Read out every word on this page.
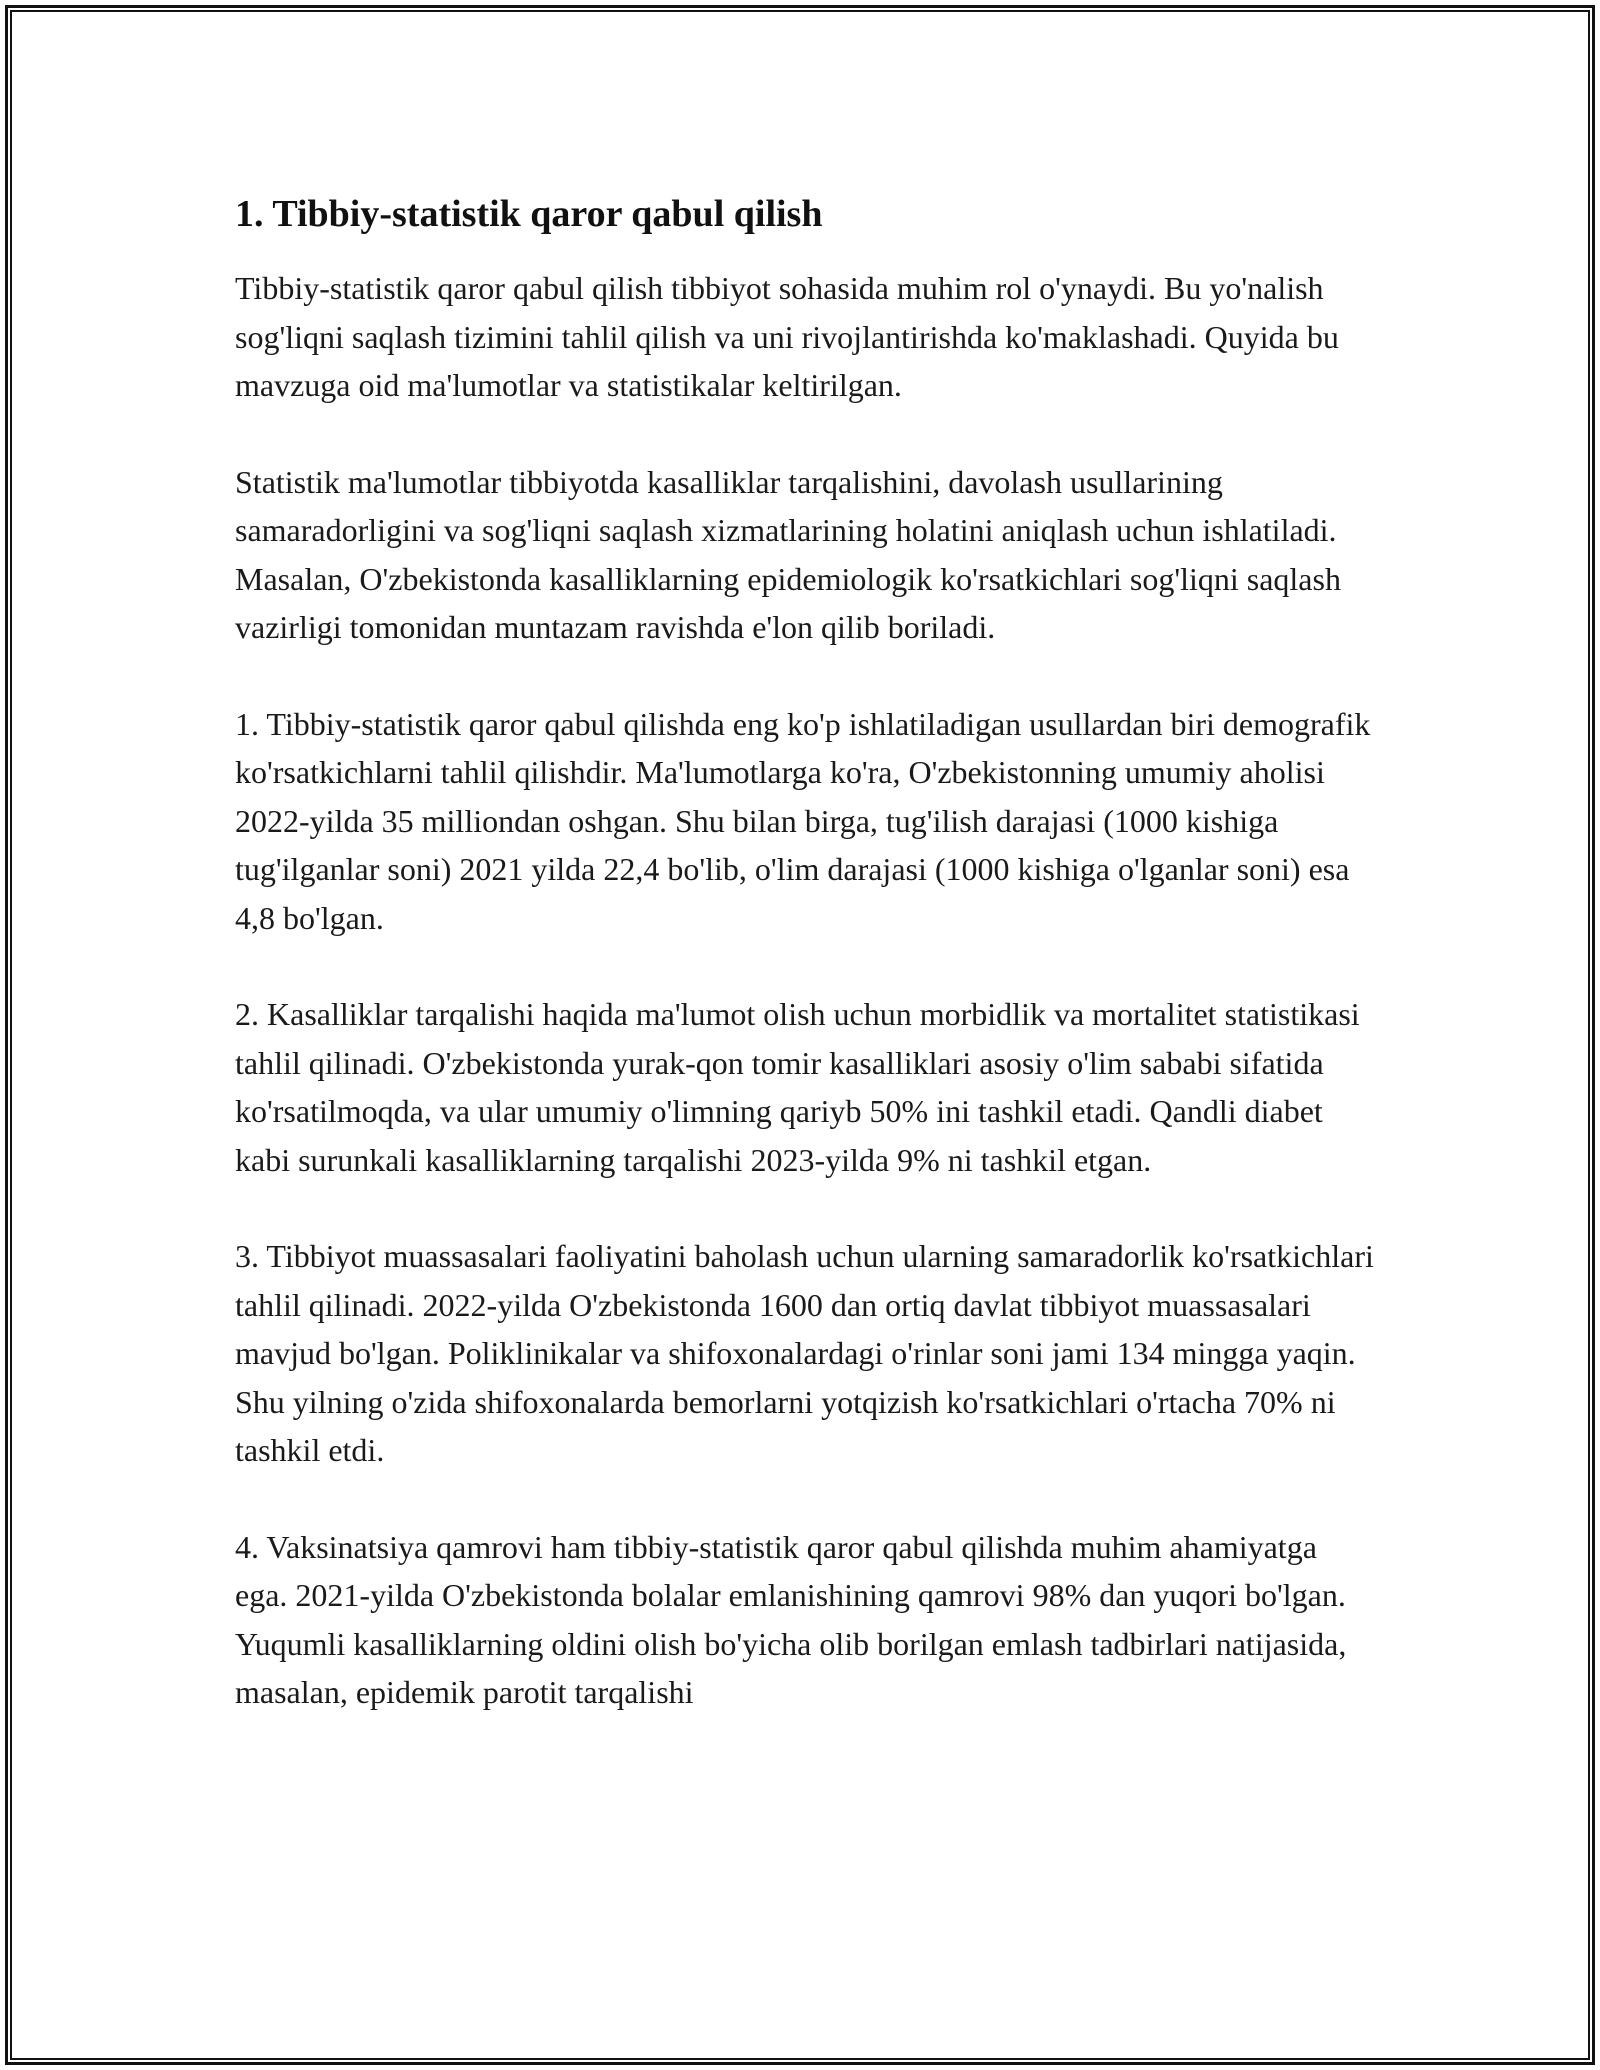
1. Tibbiy-statistik qaror qabul qilish

Tibbiy-statistik qaror qabul qilish tibbiyot sohasida muhim rol o'ynaydi. Bu yo'nalish sog'liqni saqlash tizimini tahlil qilish va uni rivojlantirishda ko'maklashadi. Quyida bu mavzuga oid ma'lumotlar va statistikalar keltirilgan.

Statistik ma'lumotlar tibbiyotda kasalliklar tarqalishini, davolash usullarining samaradorligini va sog'liqni saqlash xizmatlarining holatini aniqlash uchun ishlatiladi. Masalan, O'zbekistonda kasalliklarning epidemiologik ko'rsatkichlari sog'liqni saqlash vazirligi tomonidan muntazam ravishda e'lon qilib boriladi.

1. Tibbiy-statistik qaror qabul qilishda eng ko'p ishlatiladigan usullardan biri demografik ko'rsatkichlarni tahlil qilishdir. Ma'lumotlarga ko'ra, O'zbekistonning umumiy aholisi 2022-yilda 35 milliondan oshgan. Shu bilan birga, tug'ilish darajasi (1000 kishiga tug'ilganlar soni) 2021 yilda 22,4 bo'lib, o'lim darajasi (1000 kishiga o'lganlar soni) esa 4,8 bo'lgan.

2. Kasalliklar tarqalishi haqida ma'lumot olish uchun morbidlik va mortalitet statistikasi tahlil qilinadi. O'zbekistonda yurak-qon tomir kasalliklari asosiy o'lim sababi sifatida ko'rsatilmoqda, va ular umumiy o'limning qariyb 50% ini tashkil etadi. Qandli diabet kabi surunkali kasalliklarning tarqalishi 2023-yilda 9% ni tashkil etgan.

3. Tibbiyot muassasalari faoliyatini baholash uchun ularning samaradorlik ko'rsatkichlari tahlil qilinadi. 2022-yilda O'zbekistonda 1600 dan ortiq davlat tibbiyot muassasalari mavjud bo'lgan. Poliklinikalar va shifoxonalardagi o'rinlar soni jami 134 mingga yaqin. Shu yilning o'zida shifoxonalarda bemorlarni yotqizish ko'rsatkichlari o'rtacha 70% ni tashkil etdi.

4. Vaksinatsiya qamrovi ham tibbiy-statistik qaror qabul qilishda muhim ahamiyatga ega. 2021-yilda O'zbekistonda bolalar emlanishining qamrovi 98% dan yuqori bo'lgan. Yuqumli kasalliklarning oldini olish bo'yicha olib borilgan emlash tadbirlari natijasida, masalan, epidemik parotit tarqalishi
